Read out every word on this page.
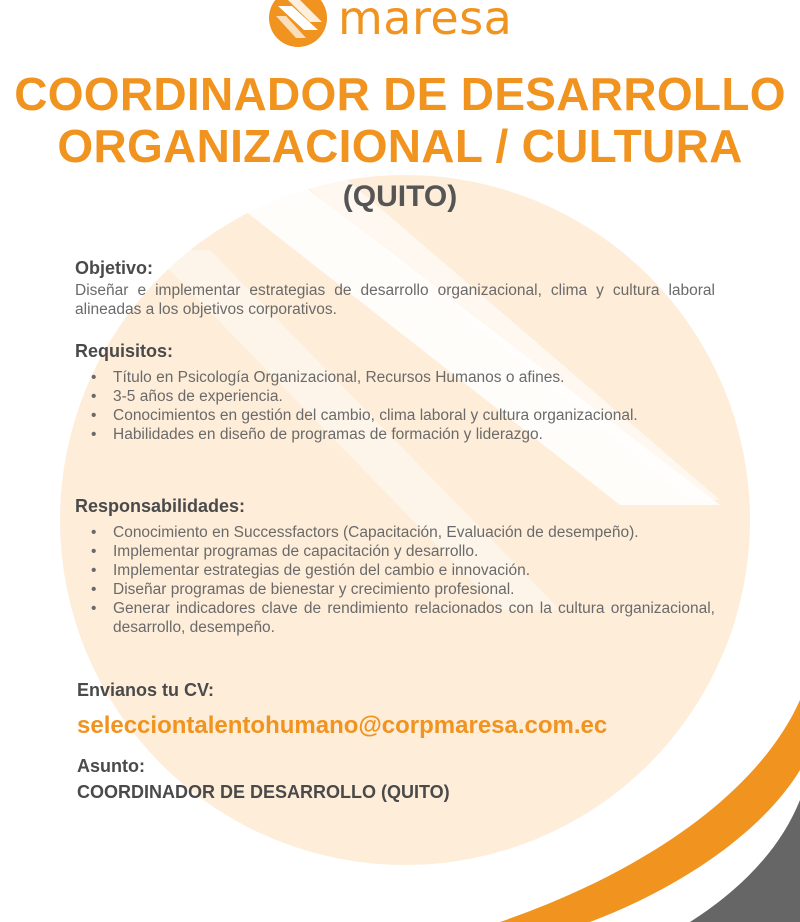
maresa
COORDINADOR DE DESARROLLO
ORGANIZACIONAL / CULTURA
(QUITO)

Objetivo:

Diseñar e implementar estrategias de desarrollo organizacional, clima y cultura laboral alineadas a los objetivos corporativos.

Requisitos:

• Título en Psicología Organizacional, Recursos Humanos o afines.
• 3-5 años de experiencia.
• Conocimientos en gestión del cambio, clima laboral y cultura organizacional.
• Habilidades en diseño de programas de formación y liderazgo.

Responsabilidades:

• Conocimiento en Successfactors (Capacitación, Evaluación de desempeño).
• Implementar programas de capacitación y desarrollo.
• Implementar estrategias de gestión del cambio e innovación.
• Diseñar programas de bienestar y crecimiento profesional.
• Generar indicadores clave de rendimiento relacionados con la cultura organizacional, desarrollo, desempeño.
Envianos tu CV:
selecciontalentohumano@corpmaresa.com.ec
Asunto:
COORDINADOR DE DESARROLLO (QUITO)
